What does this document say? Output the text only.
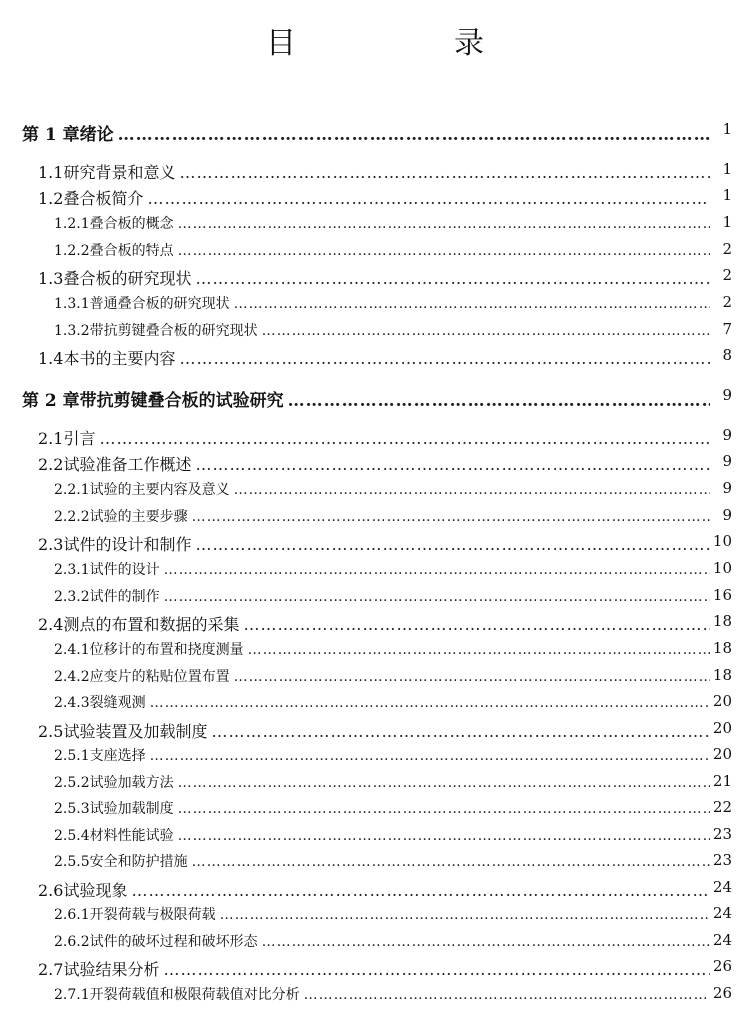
目　录
第 1 章 绪论 …………………………………………………………………………………………………………………………………………………………………………………………………………………	1
1.1 研究背景和意义 …………………………………………………………………………………………………………………………………………………………………………………………………………………	1
1.2 叠合板简介 …………………………………………………………………………………………………………………………………………………………………………………………………………………	1
1.2.1 叠合板的概念 …………………………………………………………………………………………………………………………………………………………………………………………………………………	1
1.2.2 叠合板的特点 …………………………………………………………………………………………………………………………………………………………………………………………………………………	2
1.3 叠合板的研究现状 …………………………………………………………………………………………………………………………………………………………………………………………………………………	2
1.3.1 普通叠合板的研究现状 …………………………………………………………………………………………………………………………………………………………………………………………………………………	2
1.3.2 带抗剪键叠合板的研究现状 …………………………………………………………………………………………………………………………………………………………………………………………………………………	7
1.4 本书的主要内容 …………………………………………………………………………………………………………………………………………………………………………………………………………………	8
第 2 章 带抗剪键叠合板的试验研究 …………………………………………………………………………………………………………………………………………………………………………………………………………………	9
2.1 引言 …………………………………………………………………………………………………………………………………………………………………………………………………………………	9
2.2 试验准备工作概述 …………………………………………………………………………………………………………………………………………………………………………………………………………………	9
2.2.1 试验的主要内容及意义 …………………………………………………………………………………………………………………………………………………………………………………………………………………	9
2.2.2 试验的主要步骤 …………………………………………………………………………………………………………………………………………………………………………………………………………………	9
2.3 试件的设计和制作 …………………………………………………………………………………………………………………………………………………………………………………………………………………	10
2.3.1 试件的设计 …………………………………………………………………………………………………………………………………………………………………………………………………………………	10
2.3.2 试件的制作 …………………………………………………………………………………………………………………………………………………………………………………………………………………	16
2.4 测点的布置和数据的采集 …………………………………………………………………………………………………………………………………………………………………………………………………………………	18
2.4.1 位移计的布置和挠度测量 …………………………………………………………………………………………………………………………………………………………………………………………………………………	18
2.4.2 应变片的粘贴位置布置 …………………………………………………………………………………………………………………………………………………………………………………………………………………	18
2.4.3 裂缝观测 …………………………………………………………………………………………………………………………………………………………………………………………………………………	20
2.5 试验装置及加载制度 …………………………………………………………………………………………………………………………………………………………………………………………………………………	20
2.5.1 支座选择 …………………………………………………………………………………………………………………………………………………………………………………………………………………	20
2.5.2 试验加载方法 …………………………………………………………………………………………………………………………………………………………………………………………………………………	21
2.5.3 试验加载制度 …………………………………………………………………………………………………………………………………………………………………………………………………………………	22
2.5.4 材料性能试验 …………………………………………………………………………………………………………………………………………………………………………………………………………………	23
2.5.5 安全和防护措施 …………………………………………………………………………………………………………………………………………………………………………………………………………………	23
2.6 试验现象 …………………………………………………………………………………………………………………………………………………………………………………………………………………	24
2.6.1 开裂荷载与极限荷载 …………………………………………………………………………………………………………………………………………………………………………………………………………………	24
2.6.2 试件的破坏过程和破坏形态 …………………………………………………………………………………………………………………………………………………………………………………………………………………	24
2.7 试验结果分析 …………………………………………………………………………………………………………………………………………………………………………………………………………………	26
2.7.1 开裂荷载值和极限荷载值对比分析 …………………………………………………………………………………………………………………………………………………………………………………………………………………	26
